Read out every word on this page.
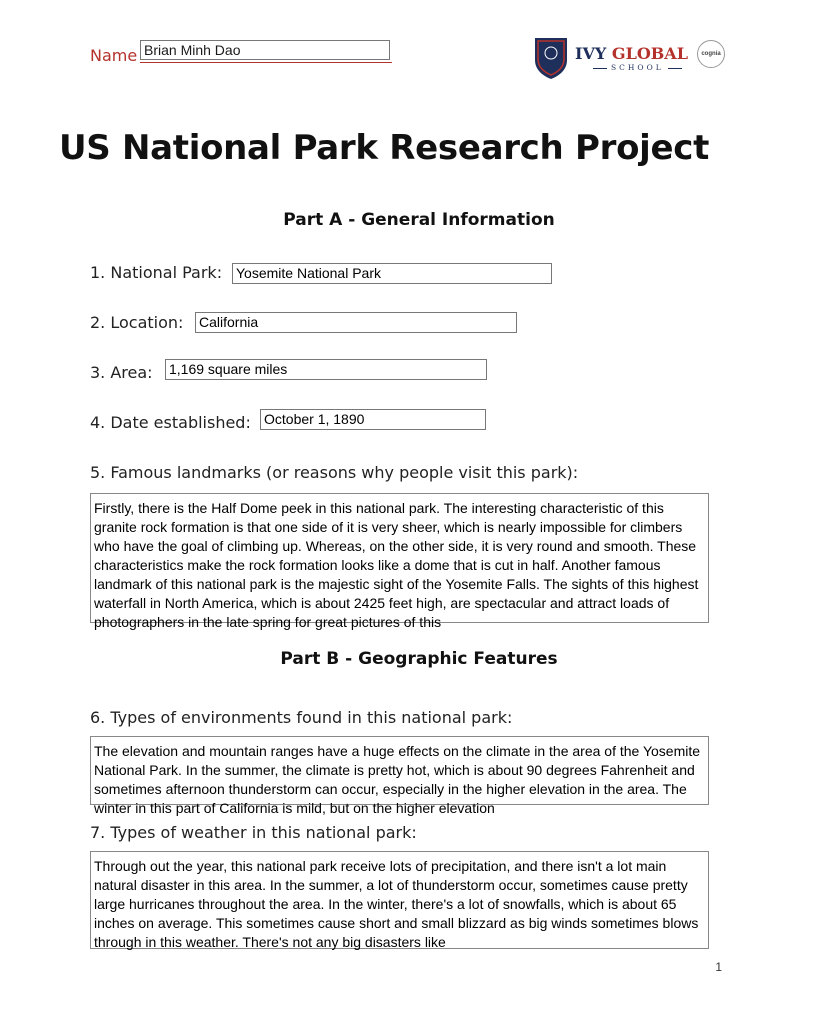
Name Brian Minh Dao	IVY GLOBAL
SCHOOL
cognia
US National Park Research Project
Part A - General Information
1. National Park: Yosemite National Park
2. Location: California
3. Area: 1,169 square miles
4. Date established: October 1, 1890
5. Famous landmarks (or reasons why people visit this park):
Firstly, there is the Half Dome peek in this national park. The interesting characteristic of this granite rock formation is that one side of it is very sheer, which is nearly impossible for climbers who have the goal of climbing up. Whereas, on the other side, it is very round and smooth. These characteristics make the rock formation looks like a dome that is cut in half. Another famous landmark of this national park is the majestic sight of the Yosemite Falls. The sights of this highest waterfall in North America, which is about 2425 feet high, are spectacular and attract loads of photographers in the late spring for great pictures of this
Part B - Geographic Features
6. Types of environments found in this national park:
The elevation and mountain ranges have a huge effects on the climate in the area of the Yosemite National Park. In the summer, the climate is pretty hot, which is about 90 degrees Fahrenheit and sometimes afternoon thunderstorm can occur, especially in the higher elevation in the area. The winter in this part of California is mild, but on the higher elevation
7. Types of weather in this national park:
Through out the year, this national park receive lots of precipitation, and there isn't a lot main natural disaster in this area. In the summer, a lot of thunderstorm occur, sometimes cause pretty large hurricanes throughout the area. In the winter, there's a lot of snowfalls, which is about 65 inches on average. This sometimes cause short and small blizzard as big winds sometimes blows through in this weather. There's not any big disasters like
1
